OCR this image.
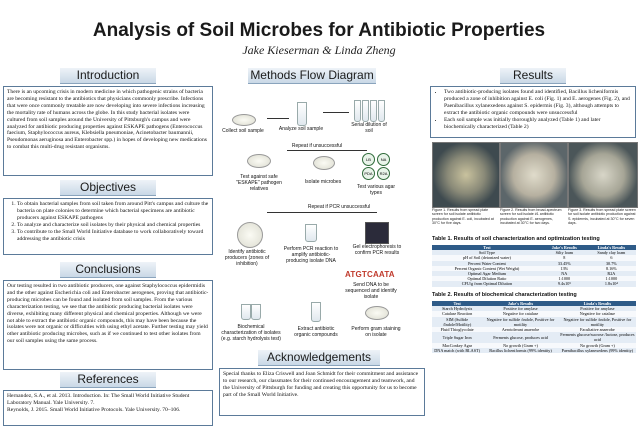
Analysis of Soil Microbes for Antibiotic Properties
Jake Kieserman & Linda Zheng
Introduction

There is an upcoming crisis in modern medicine in which pathogenic strains of bacteria are becoming resistant to the antibiotics that physicians commonly prescribe. Infections that were once commonly treatable are now developing into severe infections increasing the mortality rate of humans across the globe. In this study bacterial isolates were cultured from soil samples around the University of Pittsburgh's campus and were analyzed for antibiotic producing properties against ESKAPE pathogens (Enterococcus faecium, Staphylococcus aureus, Klebsiella pneumoniae, Acinetobacter baumannii, Pseudomonas aeruginosa and Enterobacter spp.) in hopes of developing new medications to combat this multi-drug resistant organisms.

Objectives
1. To obtain bacterial samples from soil taken from around Pitt's campus and culture the bacteria on plate colonies to determine which bacterial specimens are antibiotic producers against ESKAPE pathogens
2. To analyze and characterize soil isolates by their physical and chemical properties
3. To contribute to the Small World Initiative database to work collaboratively toward addressing the antibiotic crisis
Conclusions

Our testing resulted in two antibiotic producers, one against Staphylococcus epidermidis and the other against Escherichia coli and Enterobacter aerogenes, proving that antibiotic-producing microbes can be found and isolated from soil samples. From the various characterization testing, we see that the antibiotic producing bacterial isolates were diverse, exhibiting many different physical and chemical properties. Although we were not able to extract the antibiotic organic compounds, this may have been because the isolates were not organic or difficulties with using ethyl acetate. Further testing may yield other antibiotic producing microbes, such as if we continued to test other isolates from our soil samples using the same process.

References

Hernandez, S.A., et al. 2013. Introduction. In: The Small World Initiative Student Laboratory Manual. Yale University. 7.

Reynolds, J. 2015. Small World Initiative Protocols. Yale University. 70–106.

Methods Flow Diagram
Collect soil sample	Analyze soil sample
Serial dilution of soil
Repeat if unsuccessful
Test against safe "ESKAPE" pathogen relatives
Isolate microbes
LB	NA
PDA	R2A
Test various agar types
Repeat if PCR unsuccessful
Identify antibiotic producers (zones of inhibition)
Perform PCR reaction to amplify antibiotic-producing isolate DNA
Gel electrophoresis to confirm PCR results
ATGTCAATA
Send DNA to be sequenced and identify isolate
Biochemical characterization of isolates (e.g. starch hydrolysis test)
Extract antibiotic organic compounds
Perform gram staining on isolate
Acknowledgements

Special thanks to Eliza Criswell and Joan Schmidt for their commitment and assistance to our research, our classmates for their continued encouragement and teamwork, and the University of Pittsburgh for funding and creating this opportunity for us to become part of the Small World Initiative.

Results
• Two antibiotic-producing isolates found and identified, Bacillus licheniformis produced a zone of inhibition against E. coli (Fig. 1) and E. aerogenes (Fig. 2), and Paenibacillus xylanexedens against S. epidermis (Fig. 3), although attempts to extract the antibiotic organic compounds were unsuccessful
• Each soil sample was initially thoroughly analyzed (Table 1) and later biochemically characterized (Table 2)
Figure 1. Results from spread plate screen for soil isolate antibiotic production against E. coli, incubated at 30°C for five days.
Figure 2. Results from broad-spectrum screen for soil isolate #1 antibiotic production against E. aerogenes, incubated at 30°C for two days.
Figure 3. Results from spread plate screen for soil isolate antibiotic production against S. epidermis, incubated at 30°C for seven days.
Table 1. Results of soil characterization and optimization testing
Test	Jake's Results	Linda's Results
Soil Type	Silty loam	Sandy clay loam
pH of Soil (deionized water)	8	6
Percent Water Content	33.45%	30.7%
Percent Organic Content (Wet Weight)	13%	8.16%
Optimal Agar Medium	NA	R2A
Optimal Dilution Ratio	1:1000	1:1000
CFU/g from Optimal Dilution	9.4x10⁵	1.8x10⁴
Table 2. Results of biochemical characterization testing
Test	Jake's Results	Linda's Results
Starch Hydrolysis	Positive for amylase	Positive for amylase
Catalase Reaction	Negative for catalase	Negative for catalase
SIM (Sulfide /Indole/Motility)	Negative for sulfide /indole, Positive for motility	Negative for sulfide /indole, Positive for motility
Fluid Thioglycolate	Aerotolerant anaerobe	Facultative anaerobe
Triple Sugar Iron	Ferments glucose, produces acid	Ferments glucose/sucrose /lactose, produces acid
MacConkey Agar	No growth (Gram +)	No growth (Gram +)
DNA match (with BLAST)	Bacillus licheniformis (99% identity)	Paenibacillus xylanexedens (99% identity)
